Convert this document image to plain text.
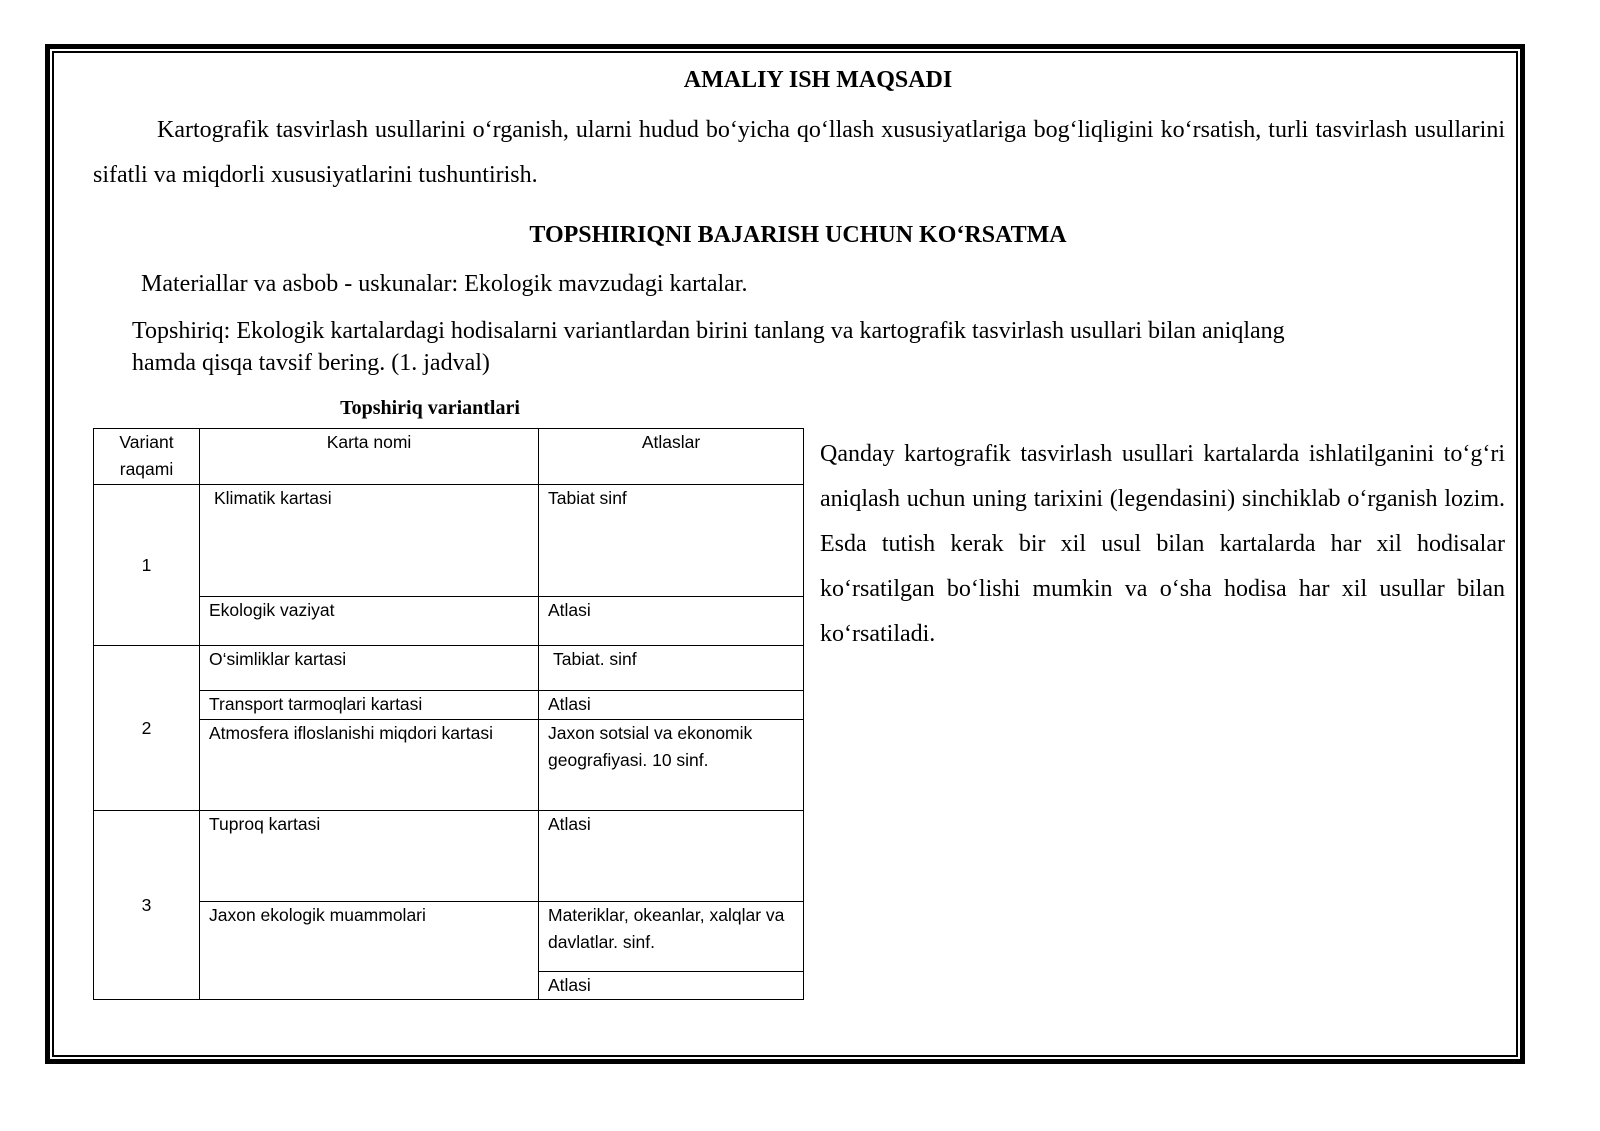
AMALIY ISH MAQSADI

Kartografik tasvirlash usullarini o‘rganish, ularni hudud bo‘yicha qo‘llash xususiyatlariga bog‘liqligini ko‘rsatish, turli tasvirlash usullarini sifatli va miqdorli xususiyatlarini tushuntirish.

TOPSHIRIQNI BAJARISH UCHUN KO‘RSATMA

Materiallar va asbob - uskunalar: Ekologik mavzudagi kartalar.

Topshiriq: Ekologik kartalardagi hodisalarni variantlardan birini tanlang va kartografik tasvirlash usullari bilan aniqlang

hamda qisqa tavsif bering. (1. jadval)

Topshiriq variantlari

Variant raqami	Karta nomi	Atlaslar
1	Klimatik kartasi	Tabiat sinf
	Ekologik vaziyat	Atlasi
2	O‘simliklar kartasi	Tabiat. sinf
	Transport tarmoqlari kartasi	Atlasi
	Atmosfera ifloslanishi miqdori kartasi	Jaxon sotsial va ekonomik geografiyasi. 10 sinf.
3	Tuproq kartasi	Atlasi
	Jaxon ekologik muammolari	Materiklar, okeanlar, xalqlar va davlatlar. sinf.
		Atlasi

Qanday kartografik tasvirlash usullari kartalarda ishlatilganini to‘g‘ri aniqlash uchun uning tarixini (legendasini) sinchiklab o‘rganish lozim. Esda tutish kerak bir xil usul bilan kartalarda har xil hodisalar ko‘rsatilgan bo‘lishi mumkin va o‘sha hodisa har xil usullar bilan ko‘rsatiladi.
